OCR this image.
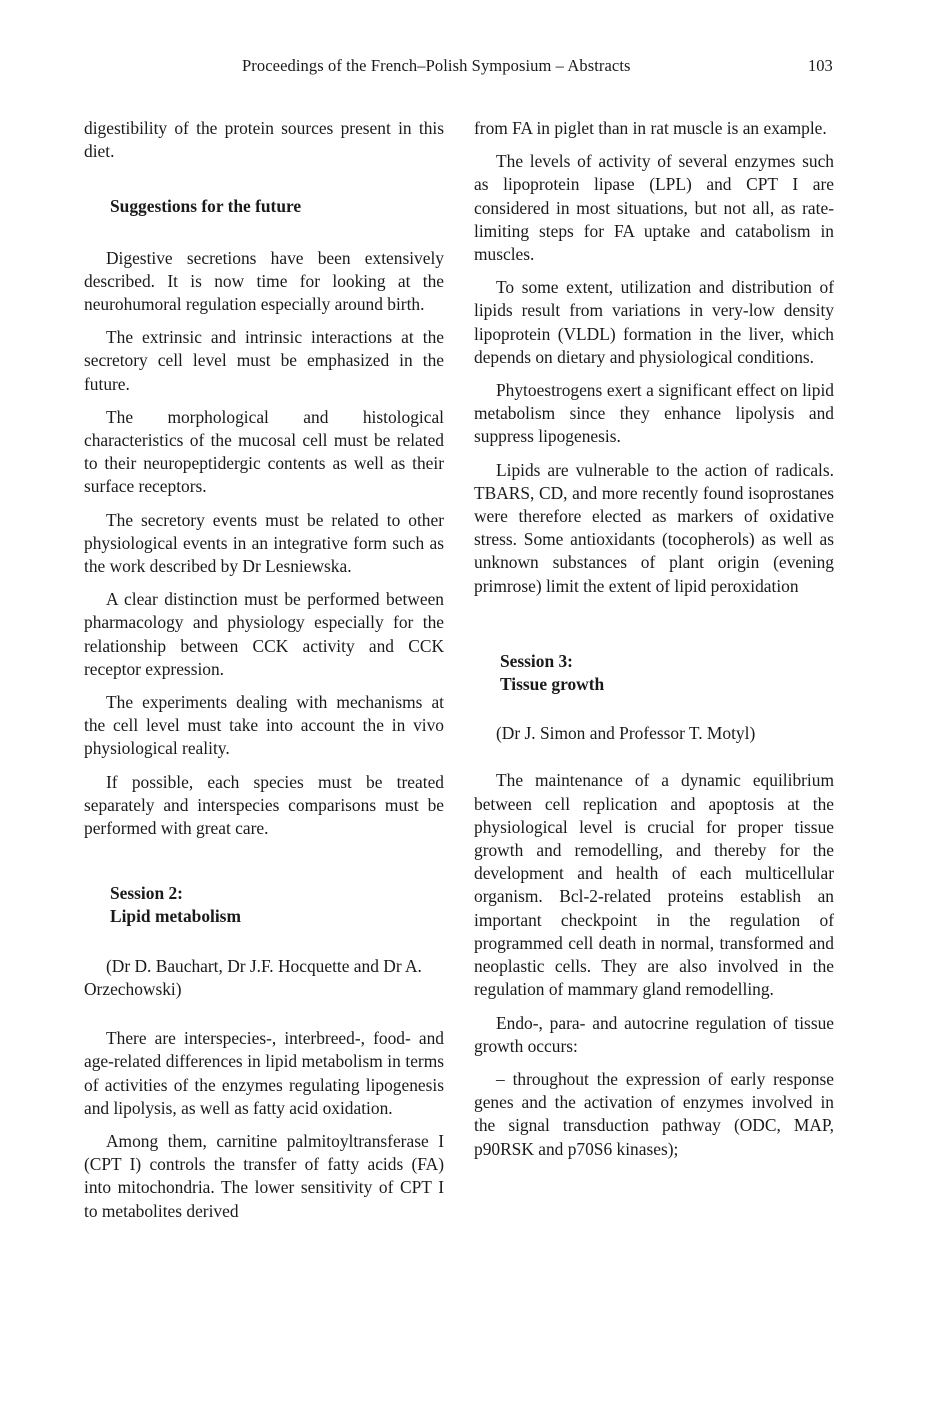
Proceedings of the French–Polish Symposium – Abstracts	103

digestibility of the protein sources present in this diet.

Suggestions for the future

Digestive secretions have been extensively described. It is now time for looking at the neurohumoral regulation especially around birth.

The extrinsic and intrinsic interactions at the secretory cell level must be emphasized in the future.

The morphological and histological characteristics of the mucosal cell must be related to their neuropeptidergic contents as well as their surface receptors.

The secretory events must be related to other physiological events in an integrative form such as the work described by Dr Lesniewska.

A clear distinction must be performed between pharmacology and physiology especially for the relationship between CCK activity and CCK receptor expression.

The experiments dealing with mechanisms at the cell level must take into account the in vivo physiological reality.

If possible, each species must be treated separately and interspecies comparisons must be performed with great care.

Session 2:
Lipid metabolism

(Dr D. Bauchart, Dr J.F. Hocquette and Dr A. Orzechowski)

There are interspecies-, interbreed-, food- and age-related differences in lipid metabolism in terms of activities of the enzymes regulating lipogenesis and lipolysis, as well as fatty acid oxidation.

Among them, carnitine palmitoyltransferase I (CPT I) controls the transfer of fatty acids (FA) into mitochondria. The lower sensitivity of CPT I to metabolites derived

from FA in piglet than in rat muscle is an example.

The levels of activity of several enzymes such as lipoprotein lipase (LPL) and CPT I are considered in most situations, but not all, as rate-limiting steps for FA uptake and catabolism in muscles.

To some extent, utilization and distribution of lipids result from variations in very-low density lipoprotein (VLDL) formation in the liver, which depends on dietary and physiological conditions.

Phytoestrogens exert a significant effect on lipid metabolism since they enhance lipolysis and suppress lipogenesis.

Lipids are vulnerable to the action of radicals. TBARS, CD, and more recently found isoprostanes were therefore elected as markers of oxidative stress. Some antioxidants (tocopherols) as well as unknown substances of plant origin (evening primrose) limit the extent of lipid peroxidation

Session 3:
Tissue growth

(Dr J. Simon and Professor T. Motyl)

The maintenance of a dynamic equilibrium between cell replication and apoptosis at the physiological level is crucial for proper tissue growth and remodelling, and thereby for the development and health of each multicellular organism. Bcl-2-related proteins establish an important checkpoint in the regulation of programmed cell death in normal, transformed and neoplastic cells. They are also involved in the regulation of mammary gland remodelling.

Endo-, para- and autocrine regulation of tissue growth occurs:

– throughout the expression of early response genes and the activation of enzymes involved in the signal transduction pathway (ODC, MAP, p90RSK and p70S6 kinases);
